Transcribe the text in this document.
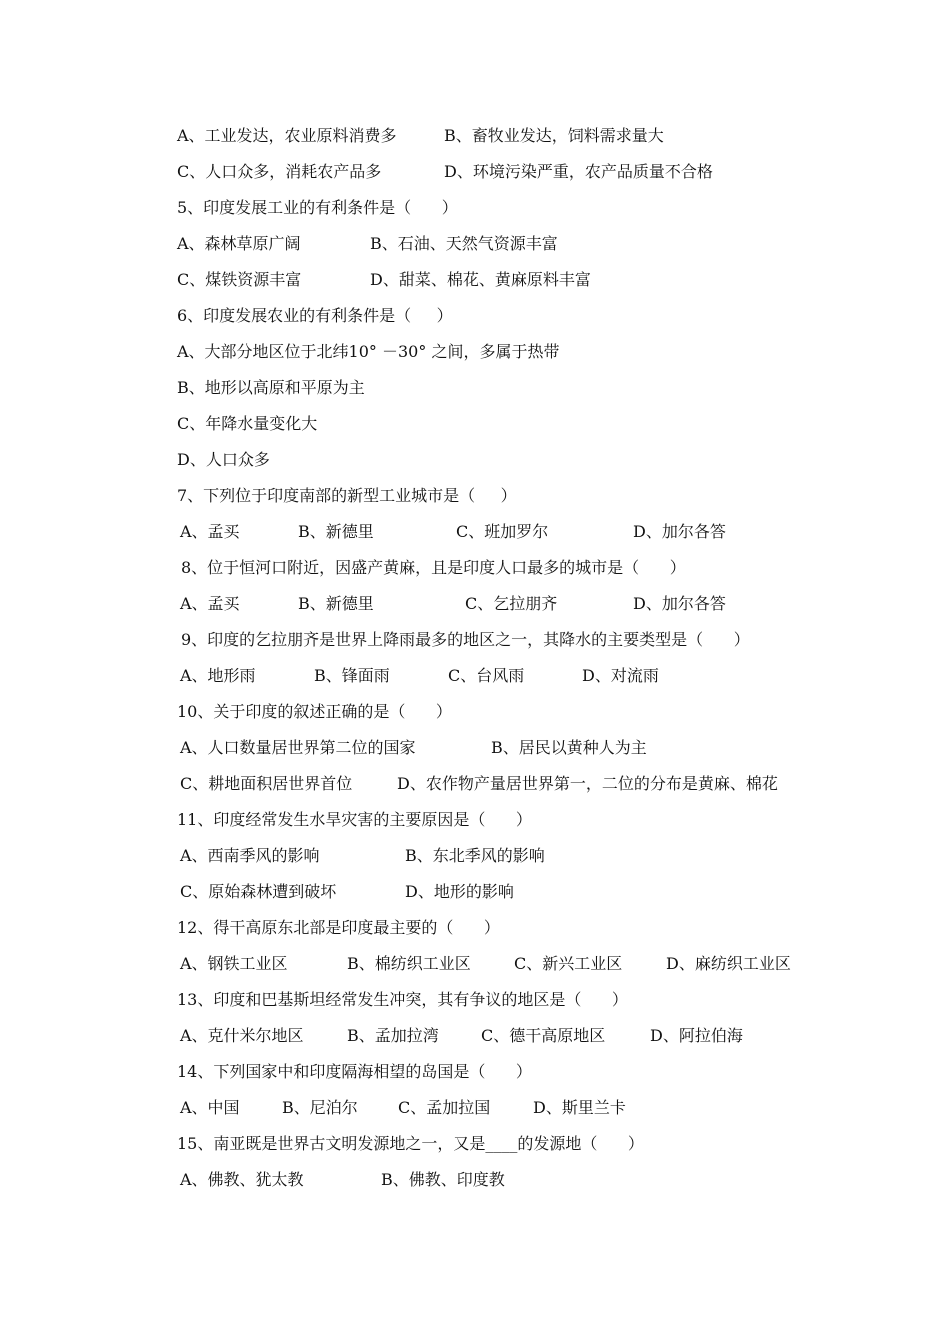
A、工业发达，农业原料消费多	B、畜牧业发达，饲料需求量大
C、人口众多，消耗农产品多	D、环境污染严重，农产品质量不合格
5、印度发展工业的有利条件是（      ）
A、森林草原广阔	B、石油、天然气资源丰富
C、煤铁资源丰富	D、甜菜、棉花、黄麻原料丰富
6、印度发展农业的有利条件是（     ）
A、大部分地区位于北纬10° －30° 之间，多属于热带
B、地形以高原和平原为主
C、年降水量变化大
D、人口众多
7、下列位于印度南部的新型工业城市是（     ）
A、孟买	B、新德里	C、班加罗尔	D、加尔各答
8、位于恒河口附近，因盛产黄麻，且是印度人口最多的城市是（      ）
A、孟买	B、新德里	C、乞拉朋齐	D、加尔各答
9、印度的乞拉朋齐是世界上降雨最多的地区之一，其降水的主要类型是（      ）
A、地形雨	B、锋面雨	C、台风雨	D、对流雨
10、关于印度的叙述正确的是（      ）
A、人口数量居世界第二位的国家	B、居民以黄种人为主
C、耕地面积居世界首位	D、农作物产量居世界第一，二位的分布是黄麻、棉花
11、印度经常发生水旱灾害的主要原因是（      ）
A、西南季风的影响	B、东北季风的影响
C、原始森林遭到破坏	D、地形的影响
12、得干高原东北部是印度最主要的（      ）
A、钢铁工业区	B、棉纺织工业区	C、新兴工业区	D、麻纺织工业区
13、印度和巴基斯坦经常发生冲突，其有争议的地区是（      ）
A、克什米尔地区	B、孟加拉湾	C、德干高原地区	D、阿拉伯海
14、下列国家中和印度隔海相望的岛国是（      ）
A、中国	B、尼泊尔	C、孟加拉国	D、斯里兰卡
15、南亚既是世界古文明发源地之一，又是____的发源地（      ）
A、佛教、犹太教	B、佛教、印度教
